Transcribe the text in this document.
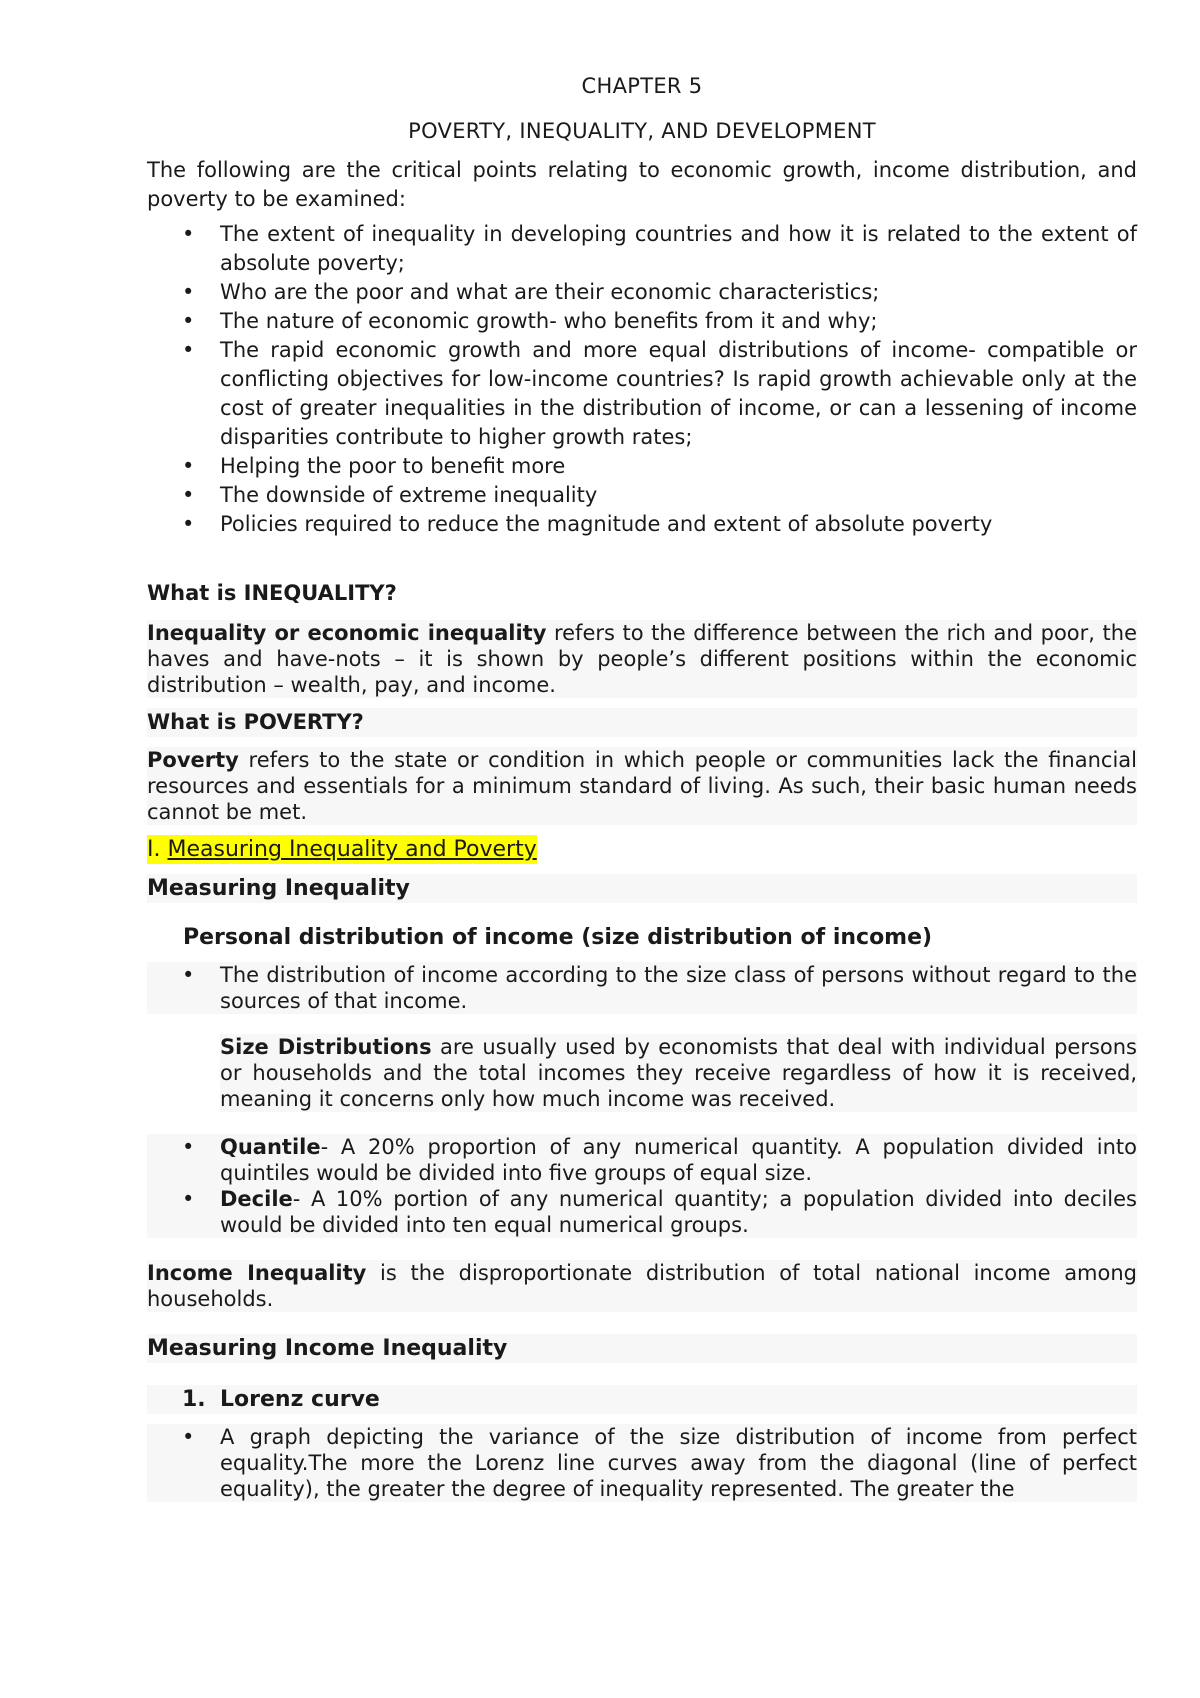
CHAPTER 5

POVERTY, INEQUALITY, AND DEVELOPMENT

The following are the critical points relating to economic growth, income distribution, and poverty to be examined:

• The extent of inequality in developing countries and how it is related to the extent of absolute poverty;
• Who are the poor and what are their economic characteristics;
• The nature of economic growth- who benefits from it and why;
• The rapid economic growth and more equal distributions of income- compatible or conflicting objectives for low-income countries? Is rapid growth achievable only at the cost of greater inequalities in the distribution of income, or can a lessening of income disparities contribute to higher growth rates;
• Helping the poor to benefit more
• The downside of extreme inequality
• Policies required to reduce the magnitude and extent of absolute poverty

What is INEQUALITY?

Inequality or economic inequality refers to the difference between the rich and poor, the haves and have-nots – it is shown by people’s different positions within the economic distribution – wealth, pay, and income.

What is POVERTY?

Poverty refers to the state or condition in which people or communities lack the financial resources and essentials for a minimum standard of living. As such, their basic human needs cannot be met.

I. Measuring Inequality and Poverty
Measuring Inequality
Personal distribution of income (size distribution of income)
• The distribution of income according to the size class of persons without regard to the sources of that income.

Size Distributions are usually used by economists that deal with individual persons or households and the total incomes they receive regardless of how it is received, meaning it concerns only how much income was received.

• Quantile- A 20% proportion of any numerical quantity. A population divided into quintiles would be divided into five groups of equal size.
• Decile- A 10% portion of any numerical quantity; a population divided into deciles would be divided into ten equal numerical groups.

Income Inequality is the disproportionate distribution of total national income among households.

Measuring Income Inequality
1. Lorenz curve
• A graph depicting the variance of the size distribution of income from perfect equality.The more the Lorenz line curves away from the diagonal (line of perfect equality), the greater the degree of inequality represented. The greater the
